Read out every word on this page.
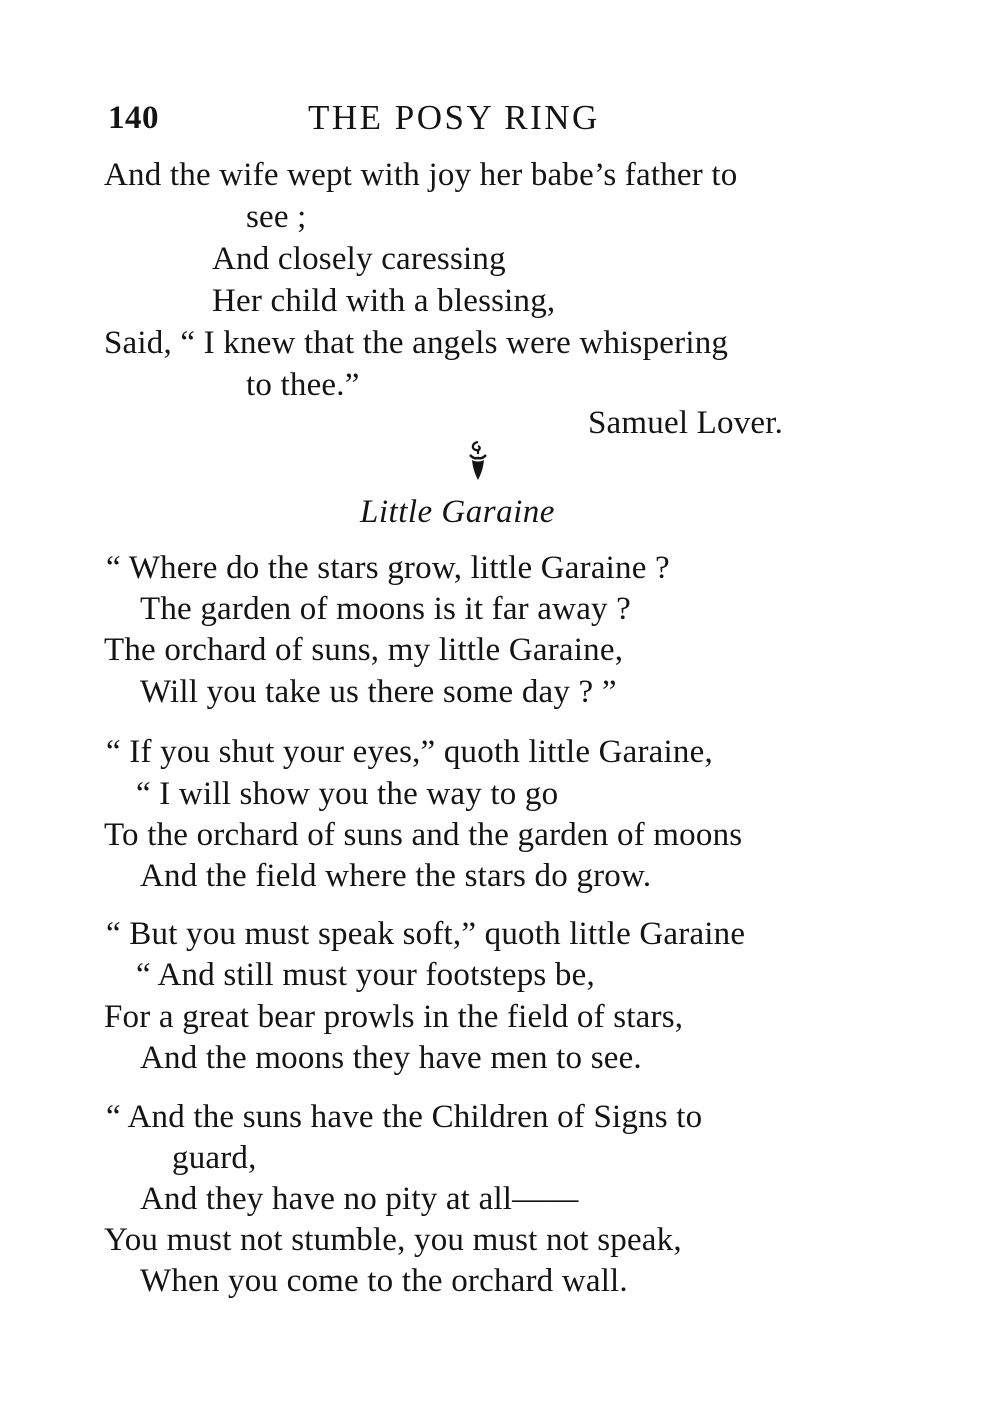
140	THE POSY RING
And the wife wept with joy her babe’s father to
see ;
And closely caressing
Her child with a blessing,
Said, “ I knew that the angels were whispering
to thee.”
Samuel Lover.
Little Garaine
“ Where do the stars grow, little Garaine ?
The garden of moons is it far away ?
The orchard of suns, my little Garaine,
Will you take us there some day ? ”
“ If you shut your eyes,” quoth little Garaine,
“ I will show you the way to go
To the orchard of suns and the garden of moons
And the field where the stars do grow.
“ But you must speak soft,” quoth little Garaine
“ And still must your footsteps be,
For a great bear prowls in the field of stars,
And the moons they have men to see.
“ And the suns have the Children of Signs to
guard,
And they have no pity at all——
You must not stumble, you must not speak,
When you come to the orchard wall.
